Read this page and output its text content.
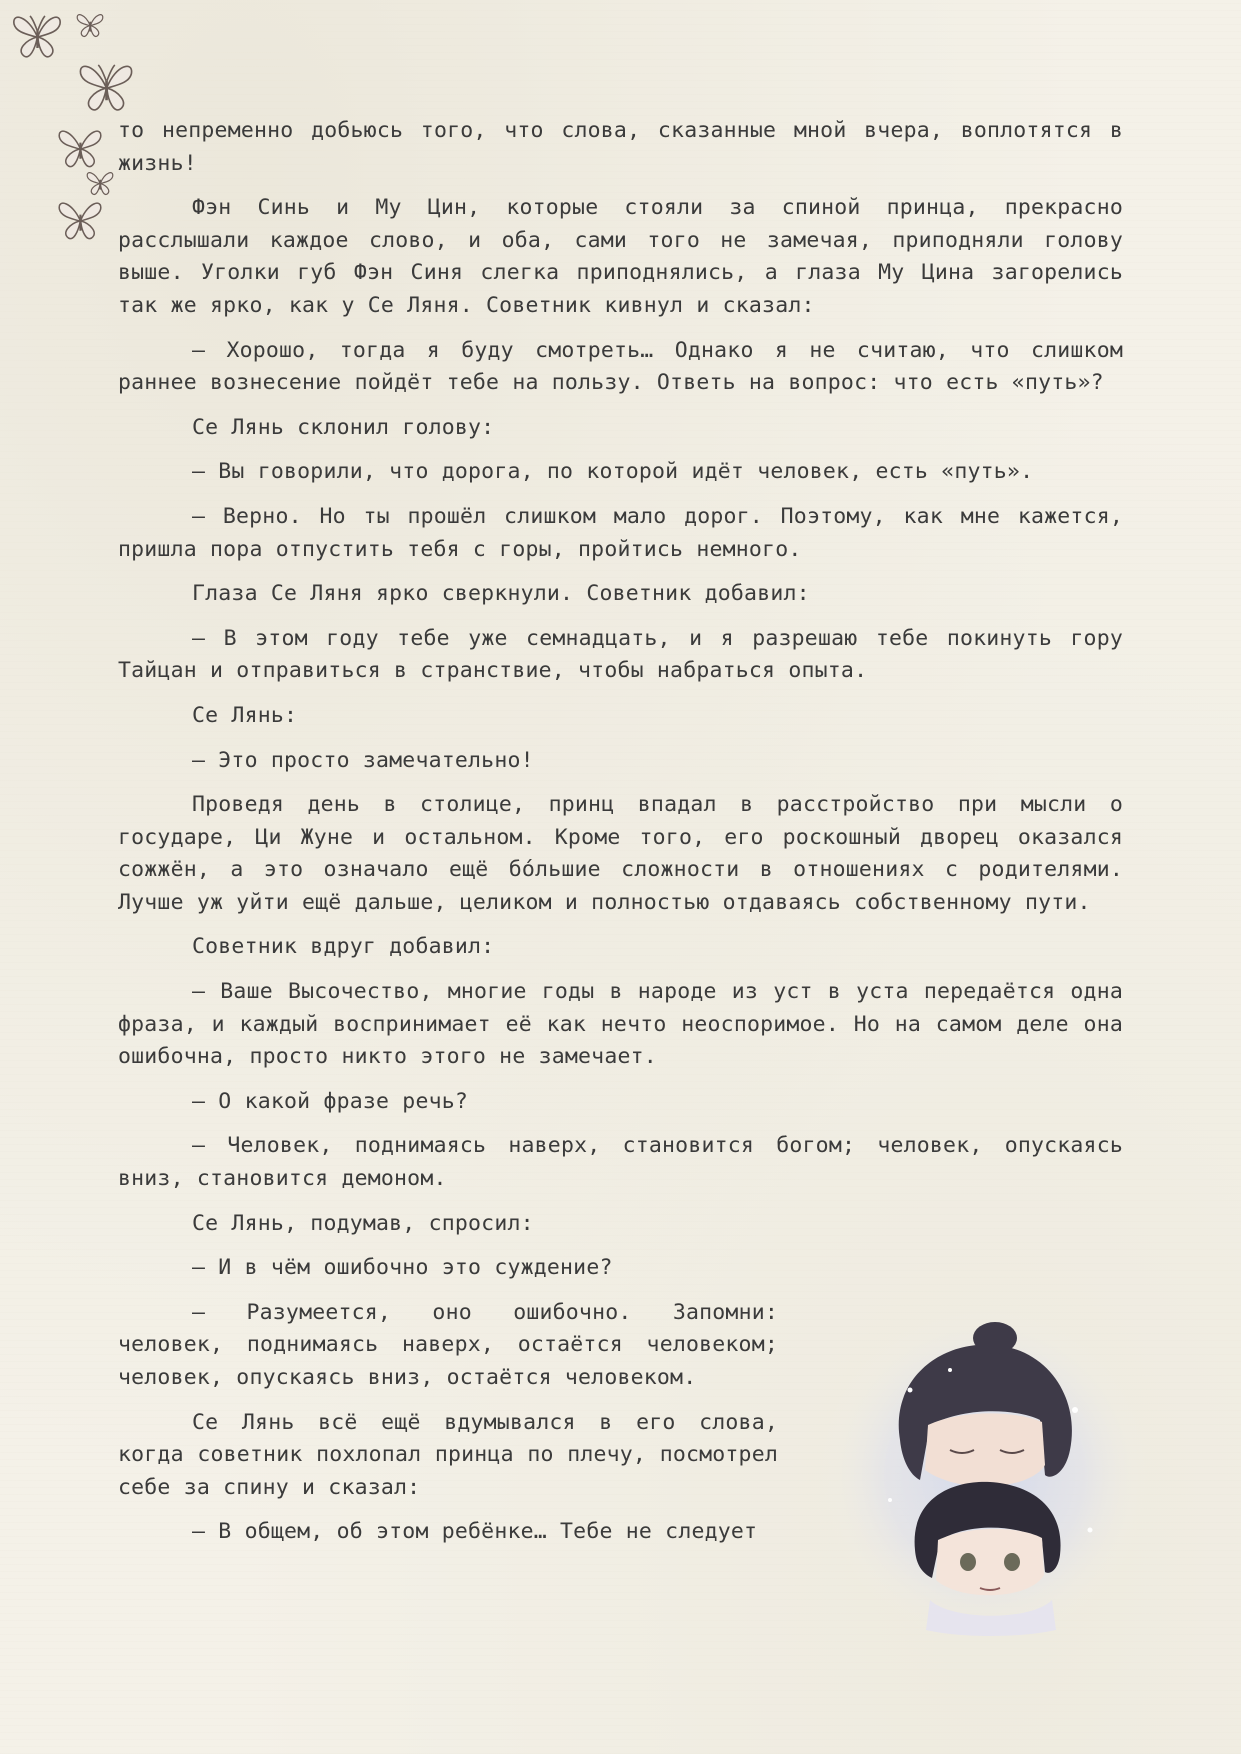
то непременно добьюсь того, что слова, сказанные мной вчера, воплотятся в жизнь!

Фэн Синь и Му Цин, которые стояли за спиной принца, прекрасно расслышали каждое слово, и оба, сами того не замечая, приподняли голову выше. Уголки губ Фэн Синя слегка приподнялись, а глаза Му Цина загорелись так же ярко, как у Се Ляня. Советник кивнул и сказал:

— Хорошо, тогда я буду смотреть… Однако я не считаю, что слишком раннее вознесение пойдёт тебе на пользу. Ответь на вопрос: что есть «путь»?

Се Лянь склонил голову:

— Вы говорили, что дорога, по которой идёт человек, есть «путь».

— Верно. Но ты прошёл слишком мало дорог. Поэтому, как мне кажется, пришла пора отпустить тебя с горы, пройтись немного.

Глаза Се Ляня ярко сверкнули. Советник добавил:

— В этом году тебе уже семнадцать, и я разрешаю тебе покинуть гору Тайцан и отправиться в странствие, чтобы набраться опыта.

Се Лянь:

— Это просто замечательно!

Проведя день в столице, принц впадал в расстройство при мысли о государе, Ци Жуне и остальном. Кроме того, его роскошный дворец оказался сожжён, а это означало ещё бо́льшие сложности в отношениях с родителями. Лучше уж уйти ещё дальше, целиком и полностью отдаваясь собственному пути.

Советник вдруг добавил:

— Ваше Высочество, многие годы в народе из уст в уста передаётся одна фраза, и каждый воспринимает её как нечто неоспоримое. Но на самом деле она ошибочна, просто никто этого не замечает.

— О какой фразе речь?

— Человек, поднимаясь наверх, становится богом; человек, опускаясь вниз, становится демоном.

Се Лянь, подумав, спросил:

— И в чём ошибочно это суждение?

— Разумеется, оно ошибочно. Запомни: человек, поднимаясь наверх, остаётся человеком; человек, опускаясь вниз, остаётся человеком.

Се Лянь всё ещё вдумывался в его слова, когда советник похлопал принца по плечу, посмотрел себе за спину и сказал:

— В общем, об этом ребёнке… Тебе не следует
